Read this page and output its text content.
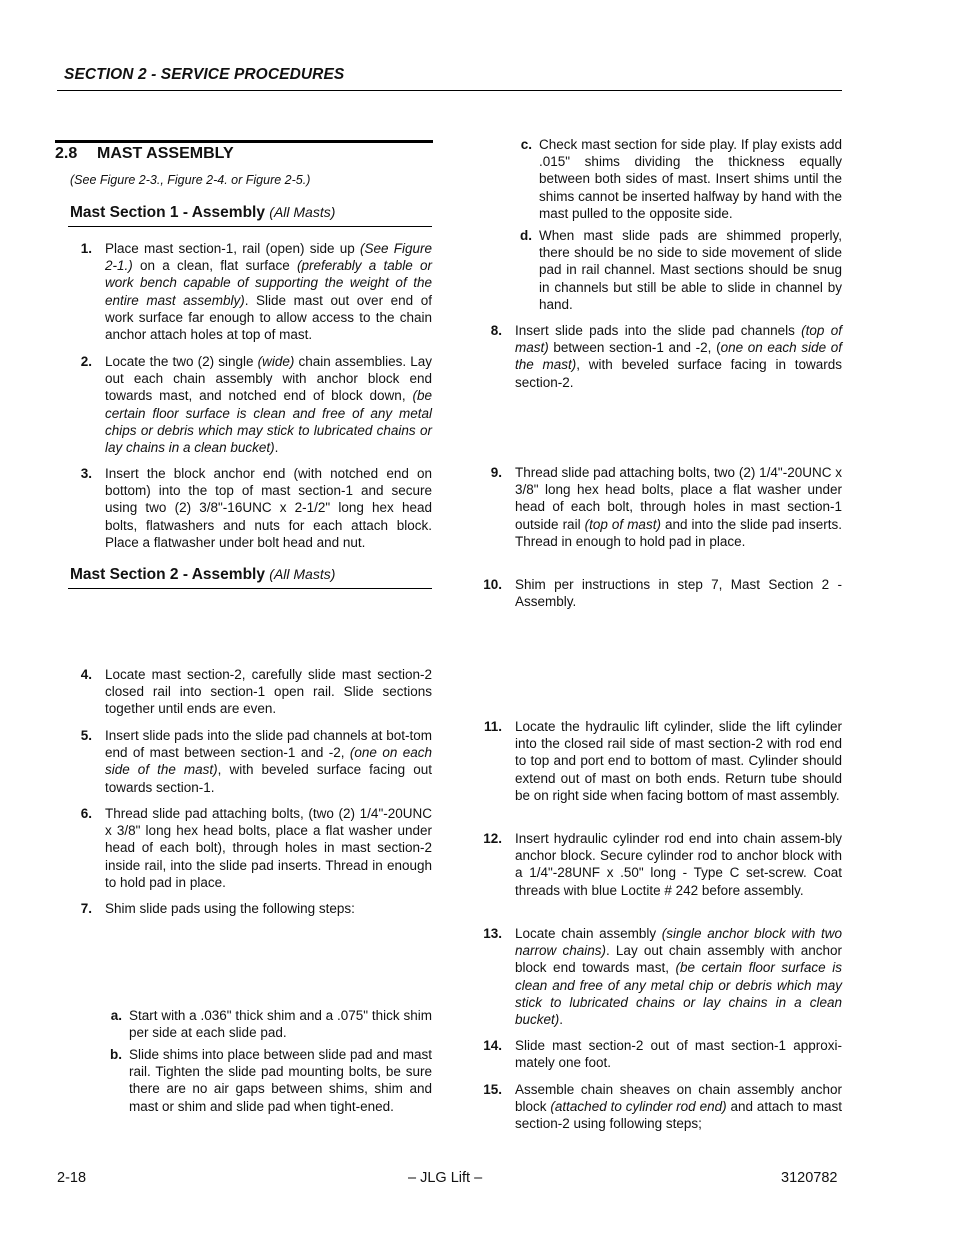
SECTION 2 - SERVICE PROCEDURES
2.8 MAST ASSEMBLY
(See Figure 2-3., Figure 2-4. or Figure 2-5.)
Mast Section 1 - Assembly (All Masts)
1. Place mast section-1, rail (open) side up (See Figure 2-1.) on a clean, flat surface (preferably a table or work bench capable of supporting the weight of the entire mast assembly). Slide mast out over end of work surface far enough to allow access to the chain anchor attach holes at top of mast.
2. Locate the two (2) single (wide) chain assemblies. Lay out each chain assembly with anchor block end towards mast, and notched end of block down, (be certain floor surface is clean and free of any metal chips or debris which may stick to lubricated chains or lay chains in a clean bucket).
3. Insert the block anchor end (with notched end on bottom) into the top of mast section-1 and secure using two (2) 3/8"-16UNC x 2-1/2" long hex head bolts, flatwashers and nuts for each attach block. Place a flatwasher under bolt head and nut.
Mast Section 2 - Assembly (All Masts)
4. Locate mast section-2, carefully slide mast section-2 closed rail into section-1 open rail. Slide sections together until ends are even.
5. Insert slide pads into the slide pad channels at bot-tom end of mast between section-1 and -2, (one on each side of the mast), with beveled surface facing out towards section-1.
6. Thread slide pad attaching bolts, (two (2) 1/4"-20UNC x 3/8" long hex head bolts, place a flat washer under head of each bolt), through holes in mast section-2 inside rail, into the slide pad inserts. Thread in enough to hold pad in place.
7. Shim slide pads using the following steps:
a. Start with a .036" thick shim and a .075" thick shim per side at each slide pad.
b. Slide shims into place between slide pad and mast rail. Tighten the slide pad mounting bolts, be sure there are no air gaps between shims, shim and mast or shim and slide pad when tight-ened.
c. Check mast section for side play. If play exists add .015" shims dividing the thickness equally between both sides of mast. Insert shims until the shims cannot be inserted halfway by hand with the mast pulled to the opposite side.
d. When mast slide pads are shimmed properly, there should be no side to side movement of slide pad in rail channel. Mast sections should be snug in channels but still be able to slide in channel by hand.
8. Insert slide pads into the slide pad channels (top of mast) between section-1 and -2, (one on each side of the mast), with beveled surface facing in towards section-2.
9. Thread slide pad attaching bolts, two (2) 1/4"-20UNC x 3/8" long hex head bolts, place a flat washer under head of each bolt, through holes in mast section-1 outside rail (top of mast) and into the slide pad inserts. Thread in enough to hold pad in place.
10. Shim per instructions in step 7, Mast Section 2 - Assembly.
11. Locate the hydraulic lift cylinder, slide the lift cylinder into the closed rail side of mast section-2 with rod end to top and port end to bottom of mast. Cylinder should extend out of mast on both ends. Return tube should be on right side when facing bottom of mast assembly.
12. Insert hydraulic cylinder rod end into chain assem-bly anchor block. Secure cylinder rod to anchor block with a 1/4"-28UNF x .50" long - Type C set-screw. Coat threads with blue Loctite # 242 before assembly.
13. Locate chain assembly (single anchor block with two narrow chains). Lay out chain assembly with anchor block end towards mast, (be certain floor surface is clean and free of any metal chip or debris which may stick to lubricated chains or lay chains in a clean bucket).
14. Slide mast section-2 out of mast section-1 approxi-mately one foot.
15. Assemble chain sheaves on chain assembly anchor block (attached to cylinder rod end) and attach to mast section-2 using following steps;
2-18	– JLG Lift –	3120782
